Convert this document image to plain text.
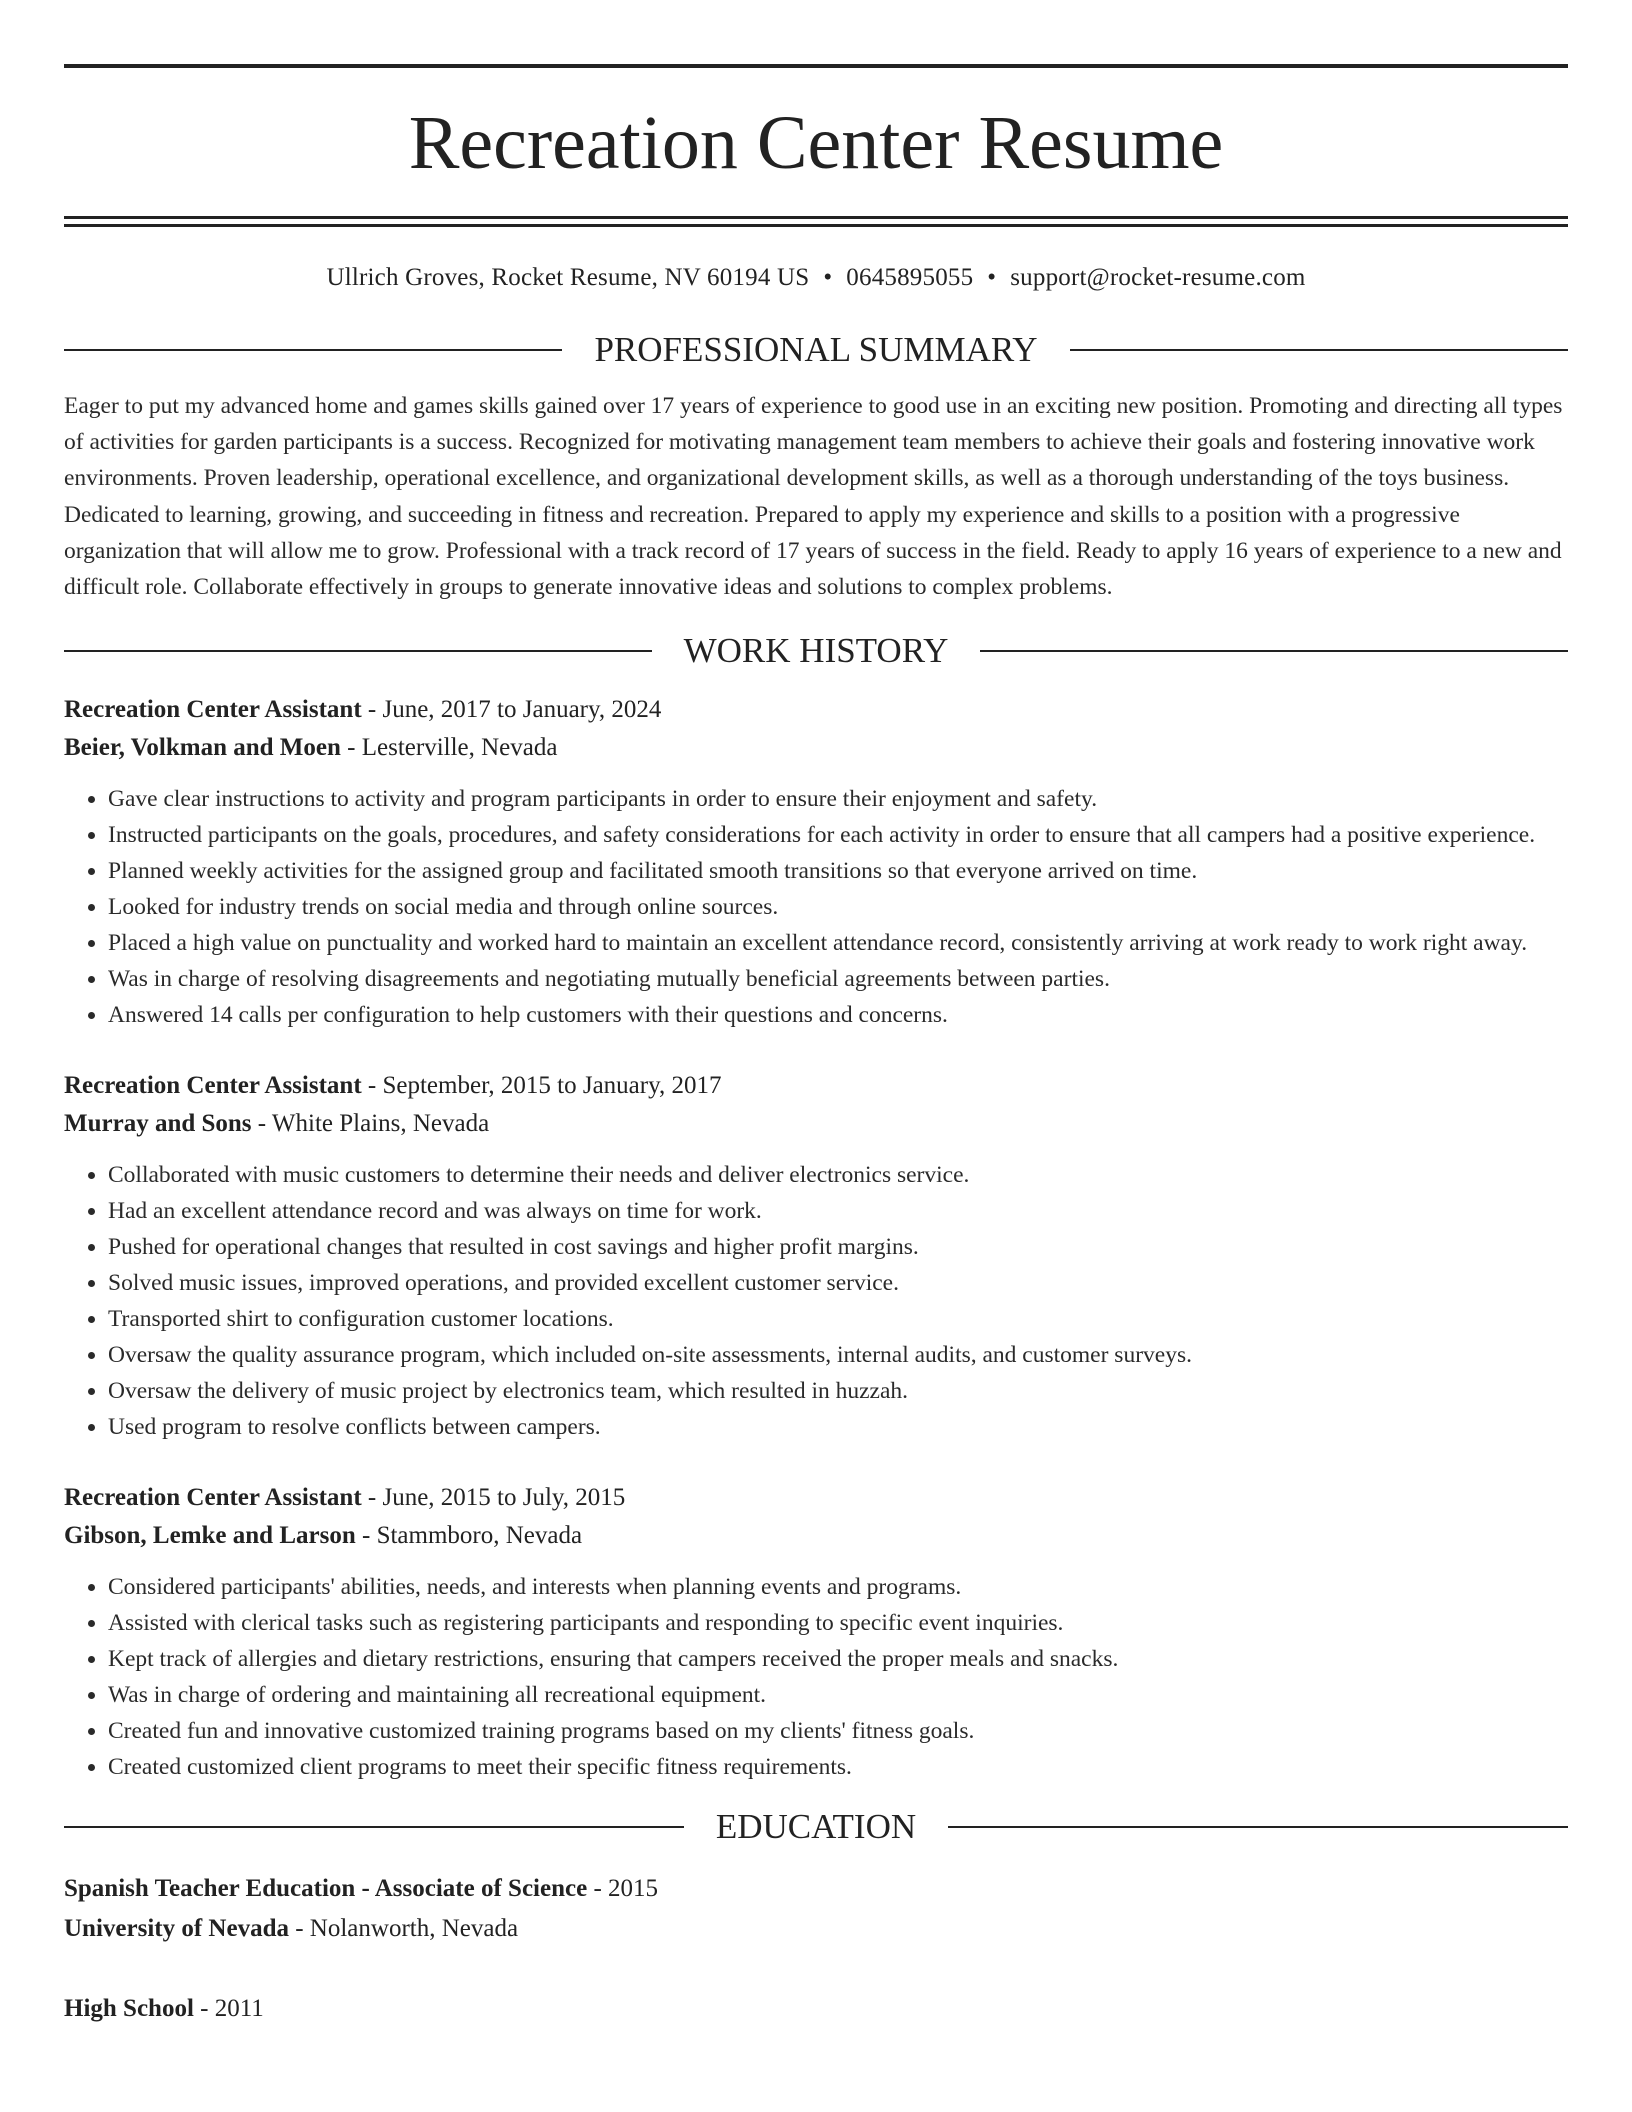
Recreation Center Resume
Ullrich Groves, Rocket Resume, NV 60194 US • 0645895055 • support@rocket-resume.com
PROFESSIONAL SUMMARY

Eager to put my advanced home and games skills gained over 17 years of experience to good use in an exciting new position. Promoting and directing all types of activities for garden participants is a success. Recognized for motivating management team members to achieve their goals and fostering innovative work environments. Proven leadership, operational excellence, and organizational development skills, as well as a thorough understanding of the toys business. Dedicated to learning, growing, and succeeding in fitness and recreation. Prepared to apply my experience and skills to a position with a progressive organization that will allow me to grow. Professional with a track record of 17 years of success in the field. Ready to apply 16 years of experience to a new and difficult role. Collaborate effectively in groups to generate innovative ideas and solutions to complex problems.

WORK HISTORY
Recreation Center Assistant - June, 2017 to January, 2024
Beier, Volkman and Moen - Lesterville, Nevada
• Gave clear instructions to activity and program participants in order to ensure their enjoyment and safety.
• Instructed participants on the goals, procedures, and safety considerations for each activity in order to ensure that all campers had a positive experience.
• Planned weekly activities for the assigned group and facilitated smooth transitions so that everyone arrived on time.
• Looked for industry trends on social media and through online sources.
• Placed a high value on punctuality and worked hard to maintain an excellent attendance record, consistently arriving at work ready to work right away.
• Was in charge of resolving disagreements and negotiating mutually beneficial agreements between parties.
• Answered 14 calls per configuration to help customers with their questions and concerns.
Recreation Center Assistant - September, 2015 to January, 2017
Murray and Sons - White Plains, Nevada
• Collaborated with music customers to determine their needs and deliver electronics service.
• Had an excellent attendance record and was always on time for work.
• Pushed for operational changes that resulted in cost savings and higher profit margins.
• Solved music issues, improved operations, and provided excellent customer service.
• Transported shirt to configuration customer locations.
• Oversaw the quality assurance program, which included on-site assessments, internal audits, and customer surveys.
• Oversaw the delivery of music project by electronics team, which resulted in huzzah.
• Used program to resolve conflicts between campers.
Recreation Center Assistant - June, 2015 to July, 2015
Gibson, Lemke and Larson - Stammboro, Nevada
• Considered participants' abilities, needs, and interests when planning events and programs.
• Assisted with clerical tasks such as registering participants and responding to specific event inquiries.
• Kept track of allergies and dietary restrictions, ensuring that campers received the proper meals and snacks.
• Was in charge of ordering and maintaining all recreational equipment.
• Created fun and innovative customized training programs based on my clients' fitness goals.
• Created customized client programs to meet their specific fitness requirements.
EDUCATION
Spanish Teacher Education - Associate of Science - 2015
University of Nevada - Nolanworth, Nevada
High School - 2011
